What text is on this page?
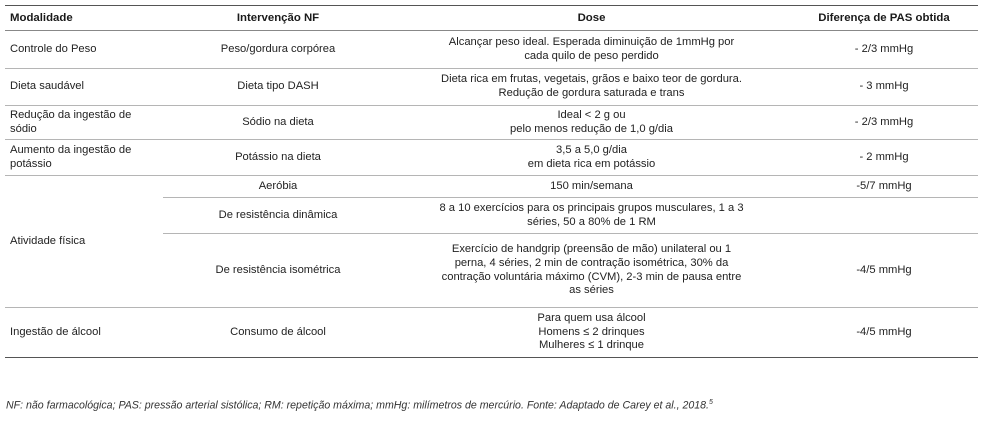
Modalidade	Intervenção NF	Dose	Diferença de PAS obtida
Controle do Peso	Peso/gordura corpórea	Alcançar peso ideal. Esperada diminuição de 1mmHg por
cada quilo de peso perdido	- 2/3 mmHg
Dieta saudável	Dieta tipo DASH	Dieta rica em frutas, vegetais, grãos e baixo teor de gordura.
Redução de gordura saturada e trans	- 3 mmHg
Redução da ingestão de sódio	Sódio na dieta	Ideal < 2 g ou
pelo menos redução de 1,0 g/dia	- 2/3 mmHg
Aumento da ingestão de potássio	Potássio na dieta	3,5 a 5,0 g/dia
em dieta rica em potássio	- 2 mmHg
Atividade física	Aeróbia	150 min/semana	-5/7 mmHg
	De resistência dinâmica	8 a 10 exercícios para os principais grupos musculares, 1 a 3
séries, 50 a 80% de 1 RM	

	De resistência isométrica	Exercício de handgrip (preensão de mão) unilateral ou 1
perna, 4 séries, 2 min de contração isométrica, 30% da
contração voluntária máximo (CVM), 2-3 min de pausa entre
as séries	-4/5 mmHg
Ingestão de álcool	Consumo de álcool	Para quem usa álcool
Homens ≤ 2 drinques
Mulheres ≤ 1 drinque	-4/5 mmHg
NF: não farmacológica; PAS: pressão arterial sistólica; RM: repetição máxima; mmHg: milímetros de mercúrio. Fonte: Adaptado de Carey et al., 2018.$^5$
